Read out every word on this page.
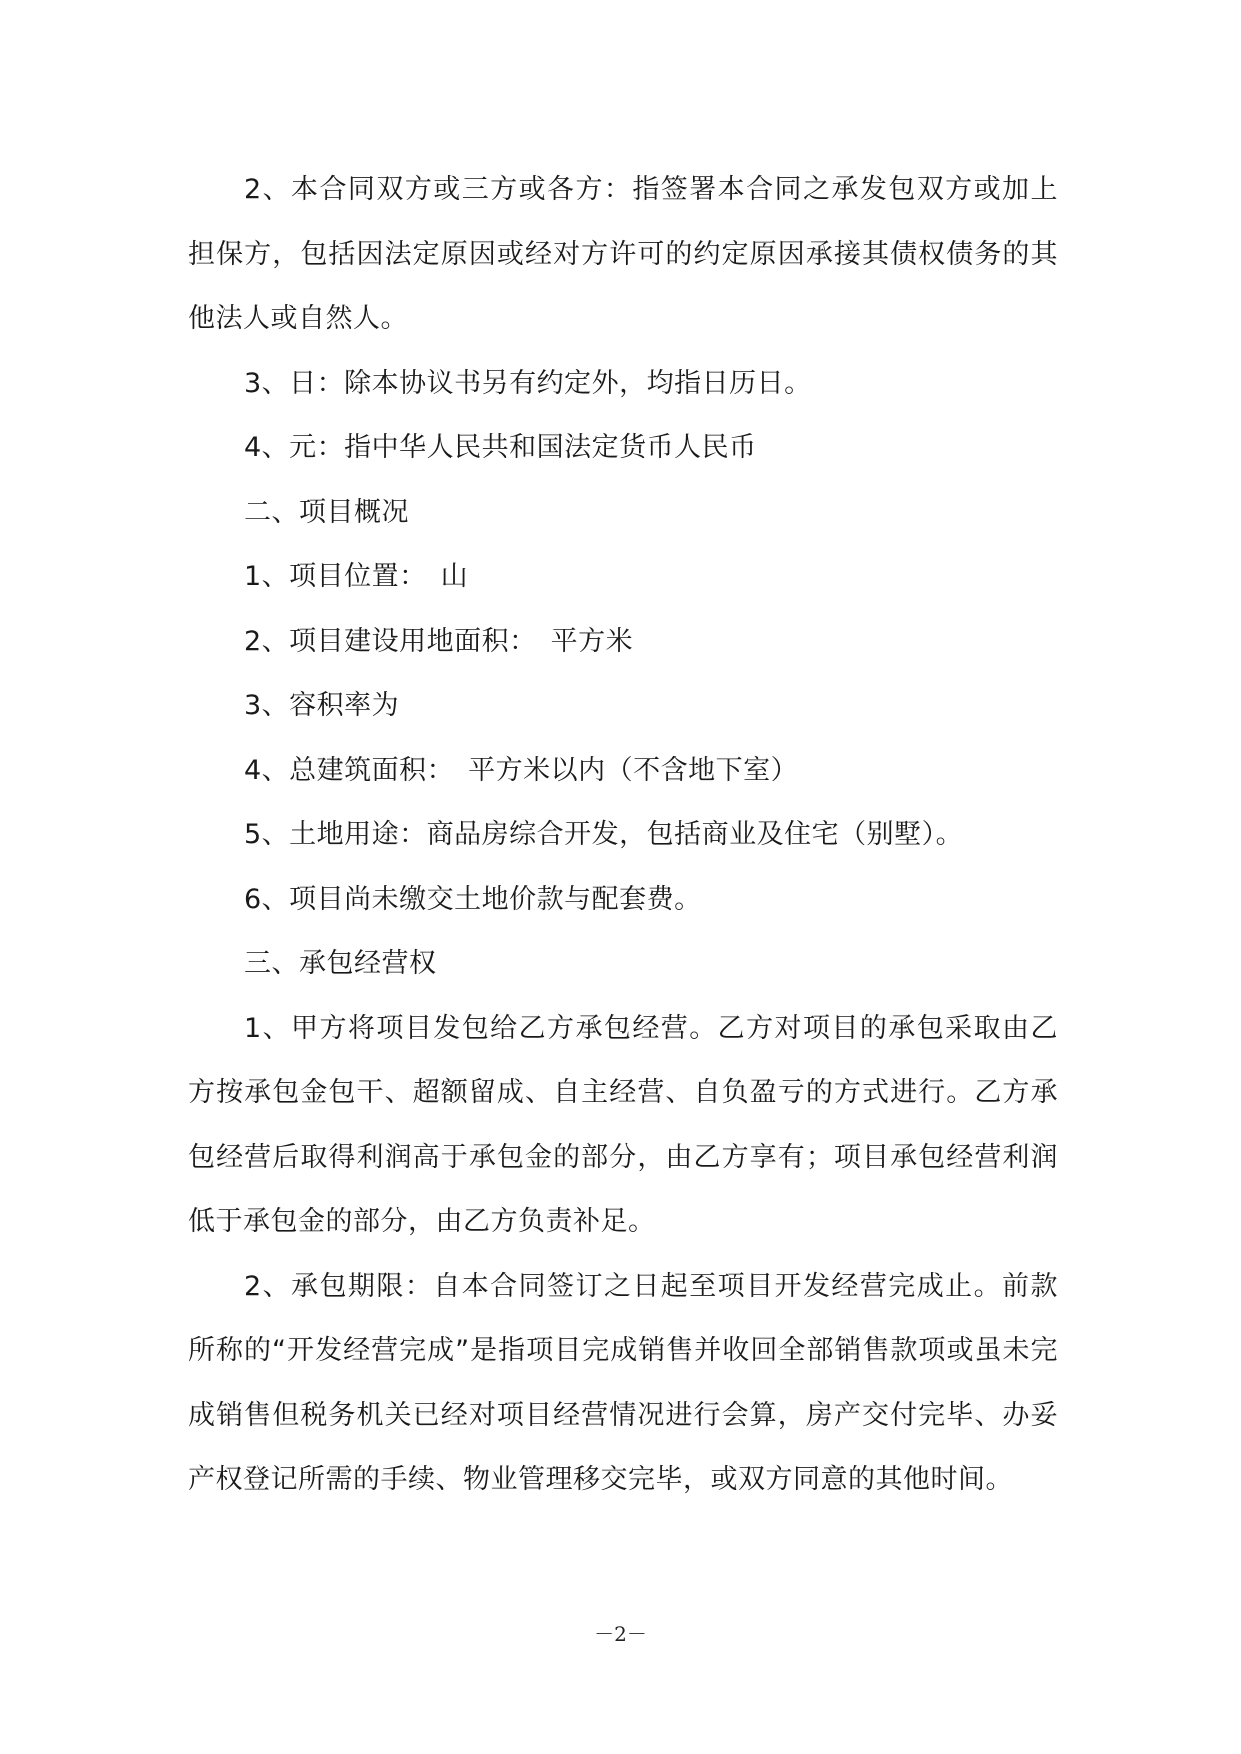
2、本合同双方或三方或各方：指签署本合同之承发包双方或加上担保方，包括因法定原因或经对方许可的约定原因承接其债权债务的其他法人或自然人。

3、日：除本协议书另有约定外，均指日历日。

4、元：指中华人民共和国法定货币人民币

二、项目概况

1、项目位置：　山

2、项目建设用地面积：　平方米

3、容积率为

4、总建筑面积：　平方米以内（不含地下室）

5、土地用途：商品房综合开发，包括商业及住宅（别墅）。

6、项目尚未缴交土地价款与配套费。

三、承包经营权

1、甲方将项目发包给乙方承包经营。乙方对项目的承包采取由乙方按承包金包干、超额留成、自主经营、自负盈亏的方式进行。乙方承包经营后取得利润高于承包金的部分，由乙方享有；项目承包经营利润低于承包金的部分，由乙方负责补足。

2、承包期限：自本合同签订之日起至项目开发经营完成止。前款所称的“开发经营完成”是指项目完成销售并收回全部销售款项或虽未完成销售但税务机关已经对项目经营情况进行会算，房产交付完毕、办妥产权登记所需的手续、物业管理移交完毕，或双方同意的其他时间。

－2－
